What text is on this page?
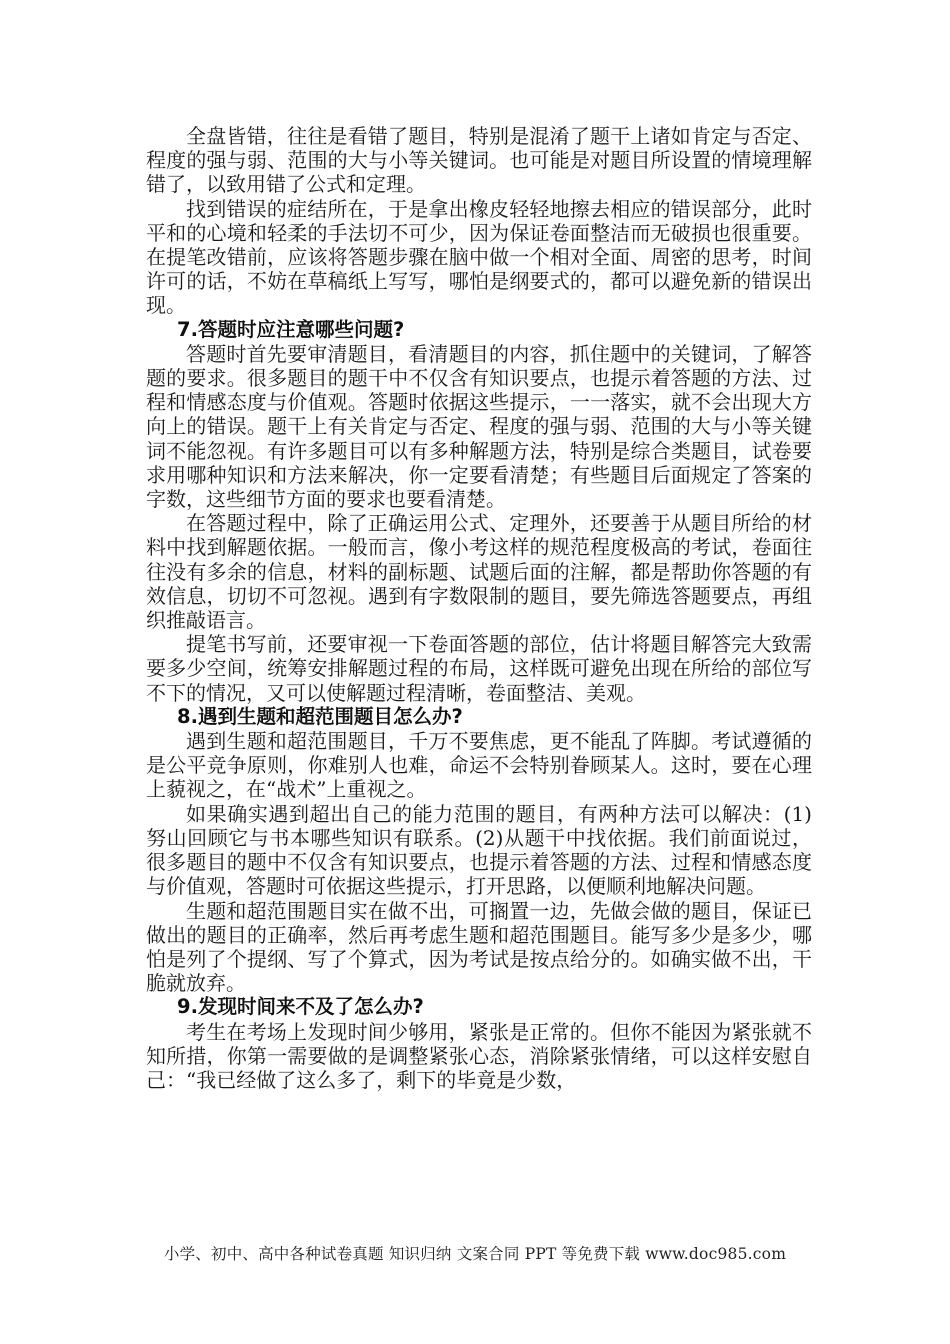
全盘皆错，往往是看错了题目，特别是混淆了题干上诸如肯定与否定、程度的强与弱、范围的大与小等关键词。也可能是对题目所设置的情境理解错了，以致用错了公式和定理。

找到错误的症结所在，于是拿出橡皮轻轻地擦去相应的错误部分，此时平和的心境和轻柔的手法切不可少，因为保证卷面整洁而无破损也很重要。在提笔改错前，应该将答题步骤在脑中做一个相对全面、周密的思考，时间许可的话，不妨在草稿纸上写写，哪怕是纲要式的，都可以避免新的错误出现。

7.答题时应注意哪些问题?

答题时首先要审清题目，看清题目的内容，抓住题中的关键词，了解答题的要求。很多题目的题干中不仅含有知识要点，也提示着答题的方法、过程和情感态度与价值观。答题时依据这些提示，一一落实，就不会出现大方向上的错误。题干上有关肯定与否定、程度的强与弱、范围的大与小等关键词不能忽视。有许多题目可以有多种解题方法，特别是综合类题目，试卷要求用哪种知识和方法来解决，你一定要看清楚；有些题目后面规定了答案的字数，这些细节方面的要求也要看清楚。

在答题过程中，除了正确运用公式、定理外，还要善于从题目所给的材料中找到解题依据。一般而言，像小考这样的规范程度极高的考试，卷面往往没有多余的信息，材料的副标题、试题后面的注解，都是帮助你答题的有效信息，切切不可忽视。遇到有字数限制的题目，要先筛选答题要点，再组织推敲语言。

提笔书写前，还要审视一下卷面答题的部位，估计将题目解答完大致需要多少空间，统筹安排解题过程的布局，这样既可避免出现在所给的部位写不下的情况，又可以使解题过程清晰，卷面整洁、美观。

8.遇到生题和超范围题目怎么办?

遇到生题和超范围题目，千万不要焦虑，更不能乱了阵脚。考试遵循的是公平竞争原则，你难别人也难，命运不会特别眷顾某人。这时，要在心理上藐视之，在“战术”上重视之。

如果确实遇到超出自己的能力范围的题目，有两种方法可以解决：(1)努山回顾它与书本哪些知识有联系。(2)从题干中找依据。我们前面说过，很多题目的题中不仅含有知识要点，也提示着答题的方法、过程和情感态度与价值观，答题时可依据这些提示，打开思路，以便顺利地解决问题。

生题和超范围题目实在做不出，可搁置一边，先做会做的题目，保证已做出的题目的正确率，然后再考虑生题和超范围题目。能写多少是多少，哪怕是列了个提纲、写了个算式，因为考试是按点给分的。如确实做不出，干脆就放弃。

9.发现时间来不及了怎么办?

考生在考场上发现时间少够用，紧张是正常的。但你不能因为紧张就不知所措，你第一需要做的是调整紧张心态，消除紧张情绪，可以这样安慰自己：“我已经做了这么多了，剩下的毕竟是少数，

小学、初中、高中各种试卷真题 知识归纳 文案合同 PPT 等免费下载 www.doc985.com
